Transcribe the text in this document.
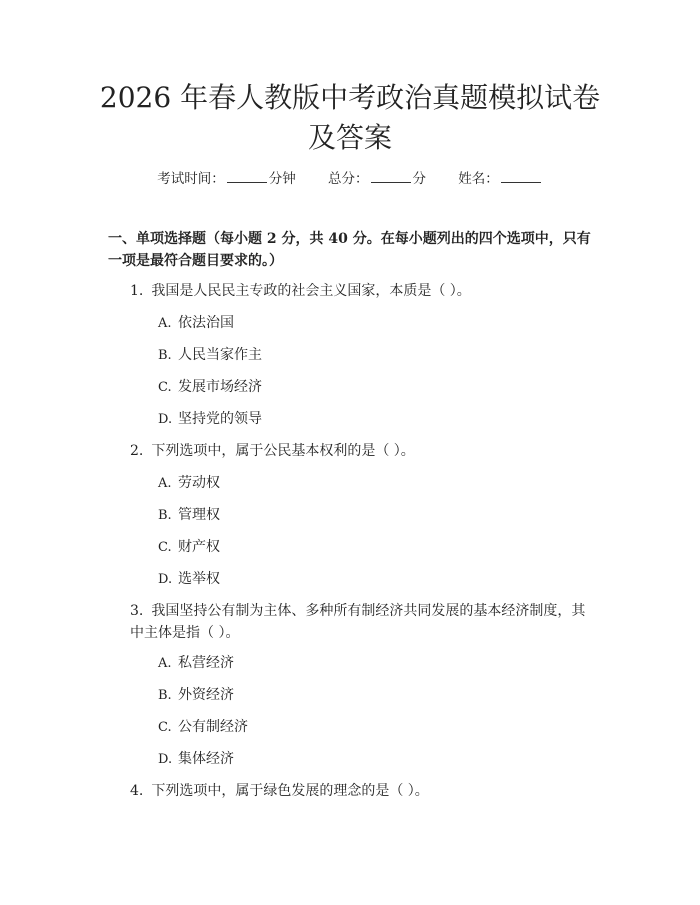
2026 年春人教版中考政治真题模拟试卷及答案
考试时间：	分钟 总分：	分 姓名：

一、单项选择题（每小题 2 分，共 40 分。在每小题列出的四个选项中，只有一项是最符合题目要求的。）

1. 我国是人民民主专政的社会主义国家，本质是（ ）。

A. 依法治国

B. 人民当家作主

C. 发展市场经济

D. 坚持党的领导

2. 下列选项中，属于公民基本权利的是（ ）。

A. 劳动权

B. 管理权

C. 财产权

D. 选举权

3. 我国坚持公有制为主体、多种所有制经济共同发展的基本经济制度，其中主体是指（ ）。

A. 私营经济

B. 外资经济

C. 公有制经济

D. 集体经济

4. 下列选项中，属于绿色发展的理念的是（ ）。
